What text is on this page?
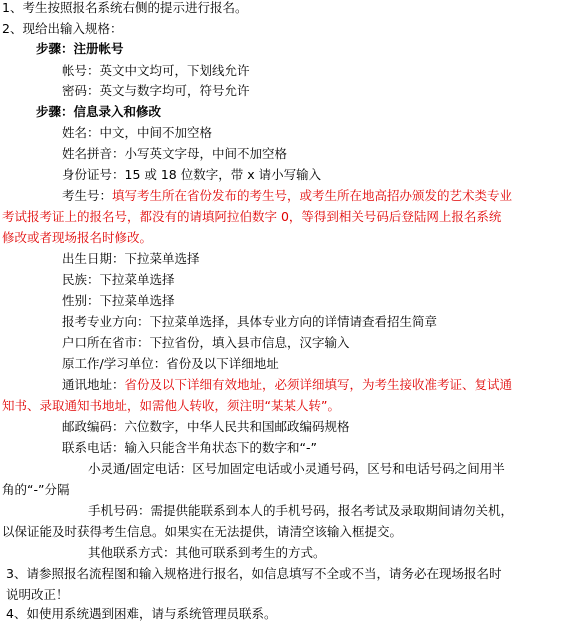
1、考生按照报名系统右侧的提示进行报名。
2、现给出输入规格：
步骤：注册帐号
帐号：英文中文均可，下划线允许
密码：英文与数字均可，符号允许
步骤：信息录入和修改
姓名：中文，中间不加空格
姓名拼音：小写英文字母，中间不加空格
身份证号：15 或 18 位数字，带 x 请小写输入
考生号：填写考生所在省份发布的考生号，或考生所在地高招办颁发的艺术类专业
考试报考证上的报名号，都没有的请填阿拉伯数字 0，等得到相关号码后登陆网上报名系统
修改或者现场报名时修改。
出生日期：下拉菜单选择
民族：下拉菜单选择
性别：下拉菜单选择
报考专业方向：下拉菜单选择，具体专业方向的详情请查看招生简章
户口所在省市：下拉省份，填入县市信息，汉字输入
原工作/学习单位：省份及以下详细地址
通讯地址：省份及以下详细有效地址，必须详细填写，为考生接收准考证、复试通
知书、录取通知书地址，如需他人转收，须注明“某某人转”。
邮政编码：六位数字，中华人民共和国邮政编码规格
联系电话：输入只能含半角状态下的数字和“-”
小灵通/固定电话：区号加固定电话或小灵通号码，区号和电话号码之间用半
角的“-”分隔
手机号码：需提供能联系到本人的手机号码，报名考试及录取期间请勿关机，
以保证能及时获得考生信息。如果实在无法提供，请清空该输入框提交。
其他联系方式：其他可联系到考生的方式。
3、请参照报名流程图和输入规格进行报名，如信息填写不全或不当，请务必在现场报名时
说明改正！
4、如使用系统遇到困难，请与系统管理员联系。
